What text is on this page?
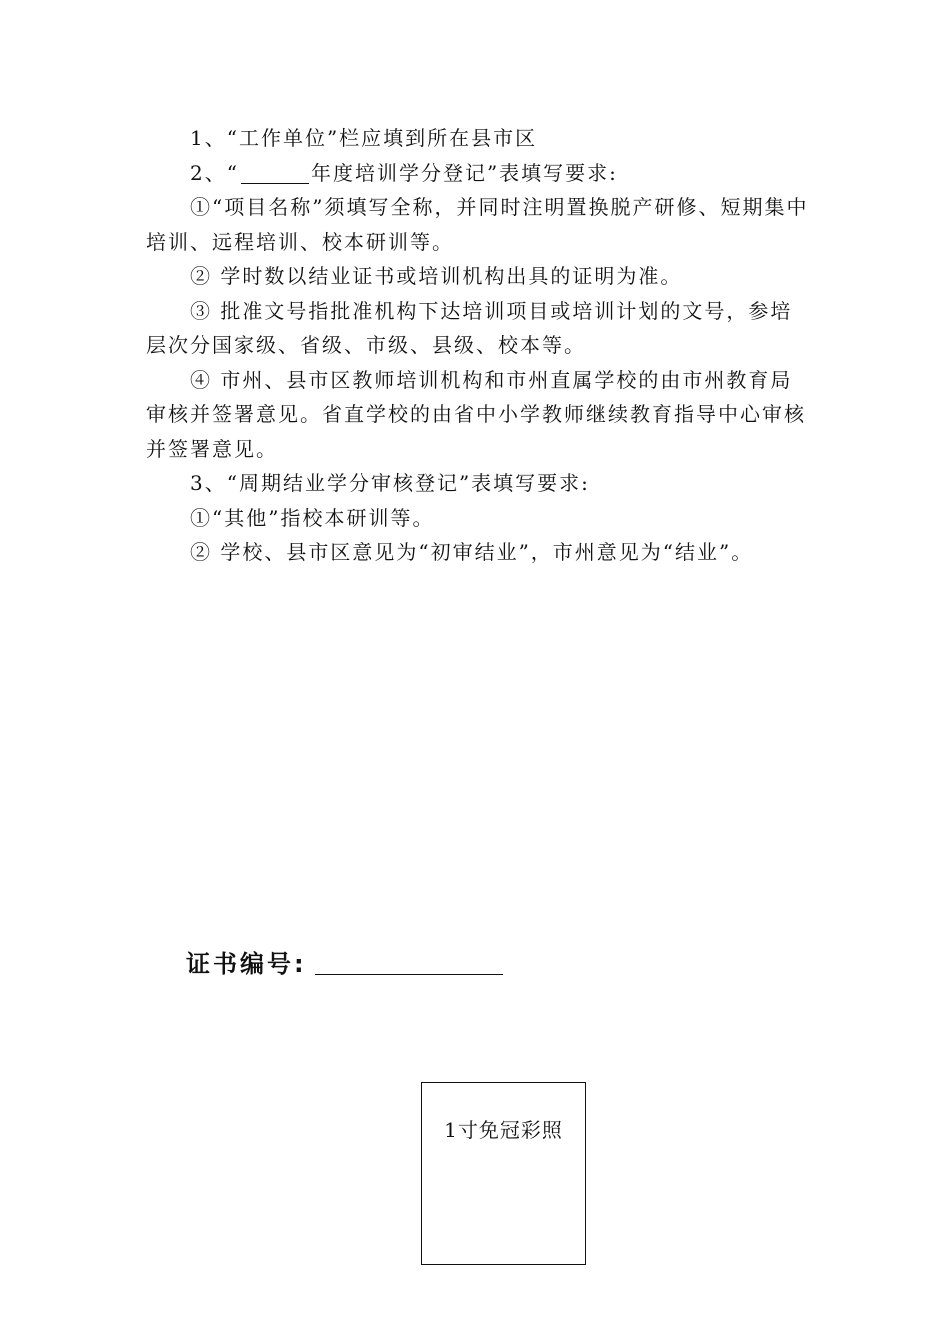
1、“工作单位”栏应填到所在县市区

2、“	年度培训学分登记”表填写要求:

①“项目名称”须填写全称，并同时注明置换脱产研修、短期集中培训、远程培训、校本研训等。

② 学时数以结业证书或培训机构出具的证明为准。

③ 批准文号指批准机构下达培训项目或培训计划的文号，参培层次分国家级、省级、市级、县级、校本等。

④ 市州、县市区教师培训机构和市州直属学校的由市州教育局审核并签署意见。省直学校的由省中小学教师继续教育指导中心审核并签署意见。

3、“周期结业学分审核登记”表填写要求:

①“其他”指校本研训等。

② 学校、县市区意见为“初审结业”，市州意见为“结业”。

证书编号:
1寸免冠彩照
